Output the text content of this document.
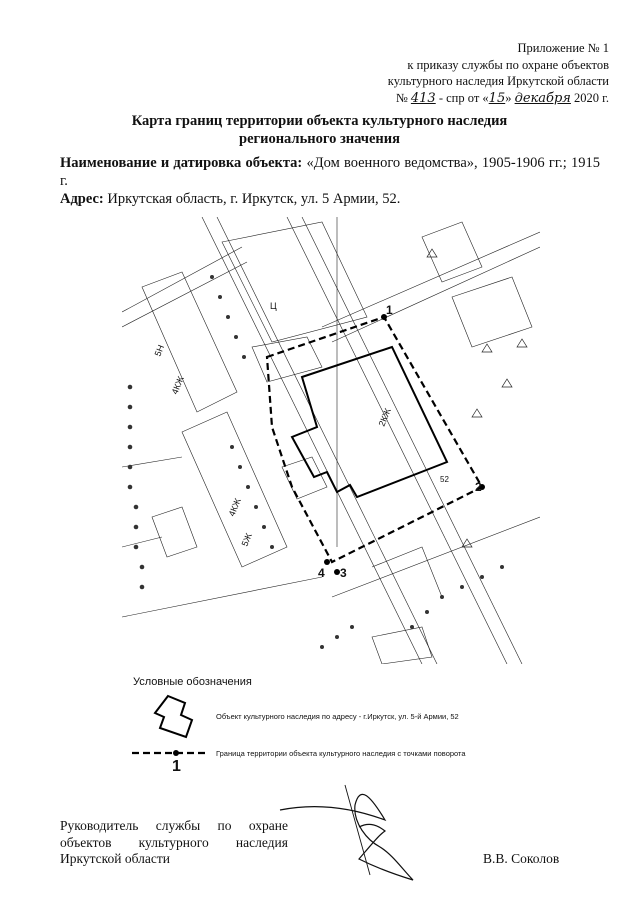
Приложение № 1
к приказу службы по охране объектов
культурного наследия Иркутской области
№ 413 - спр от «15» декабря 2020 г.
Карта границ территории объекта культурного наследия
регионального значения
Наименование и датировка объекта: «Дом военного ведомства», 1905-1906 гг.; 1915 г.
Адрес: Иркутская область, г. Иркутск, ул. 5 Армии, 52.
4КЖ
4КЖ
2КЖ
5Н
5Ж
Ц
52
1
2
3
4
Условные обозначения
Объект культурного наследия по адресу - г.Иркутск, ул. 5-й Армии, 52
Граница территории объекта культурного наследия с точками поворота
1
Руководитель службы по охране объектов культурного наследия Иркутской области	В.В. Соколов
